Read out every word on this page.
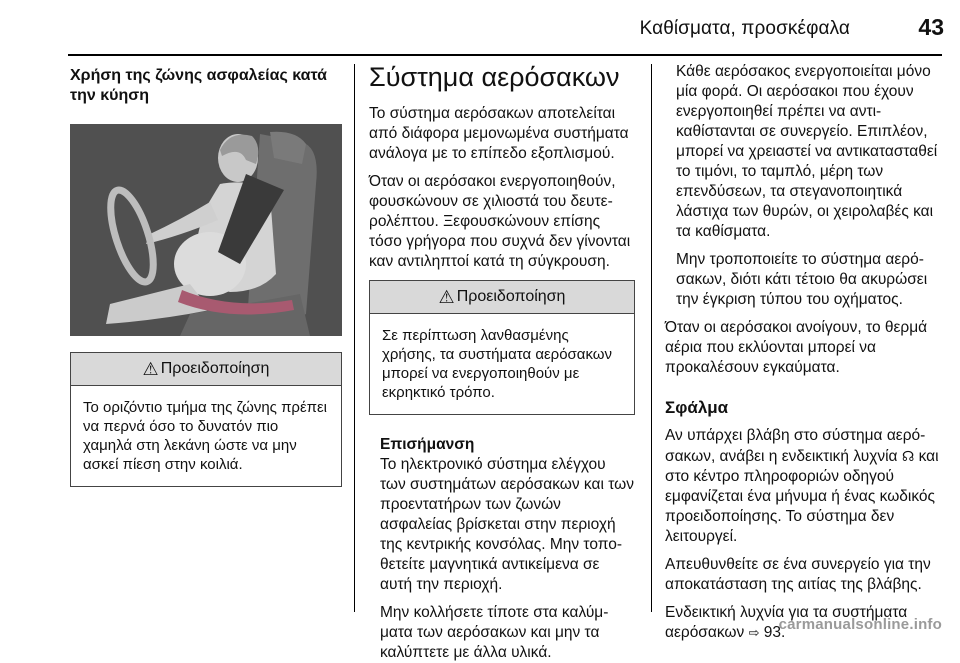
Καθίσματα, προσκέφαλα	43
Χρήση της ζώνης ασφαλείας κατά την κύηση
⚠ Προειδοποίηση
Το οριζόντιο τμήμα της ζώνης πρέπει να περνά όσο το δυνατόν πιο χαμηλά στη λεκάνη ώστε να μην ασκεί πίεση στην κοιλιά.
Σύστημα αερόσακων

Το σύστημα αερόσακων αποτελείται από διάφορα μεμονωμένα συστήματα ανάλογα με το επίπεδο εξοπλισμού.

Όταν οι αερόσακοι ενεργοποιηθούν, φουσκώνουν σε χιλιοστά του δευτερολέπτου. Ξεφουσκώνουν επίσης τόσο γρήγορα που συχνά δεν γίνονται καν αντιληπτοί κατά τη σύγκρουση.

⚠ Προειδοποίηση
Σε περίπτωση λανθασμένης χρήσης, τα συστήματα αερόσακων μπορεί να ενεργοποιηθούν με εκρηκτικό τρόπο.

Επισήμανση

Το ηλεκτρονικό σύστημα ελέγχου των συστημάτων αερόσακων και των προεντατήρων των ζωνών ασφαλείας βρίσκεται στην περιοχή της κεντρικής κονσόλας. Μην τοποθετείτε μαγνητικά αντικείμενα σε αυτή την περιοχή.

Μην κολλήσετε τίποτε στα καλύμματα των αερόσακων και μην τα καλύπτετε με άλλα υλικά.

Κάθε αερόσακος ενεργοποιείται μόνο μία φορά. Οι αερόσακοι που έχουν ενεργοποιηθεί πρέπει να αντικαθίστανται σε συνεργείο. Επιπλέον, μπορεί να χρειαστεί να αντικατασταθεί το τιμόνι, το ταμπλό, μέρη των επενδύσεων, τα στεγανοποιητικά λάστιχα των θυρών, οι χειρολαβές και τα καθίσματα.

Μην τροποποιείτε το σύστημα αερόσακων, διότι κάτι τέτοιο θα ακυρώσει την έγκριση τύπου του οχήματος.

Όταν οι αερόσακοι ανοίγουν, το θερμά αέρια που εκλύονται μπορεί να προκαλέσουν εγκαύματα.

Σφάλμα

Αν υπάρχει βλάβη στο σύστημα αερόσακων, ανάβει η ενδεικτική λυχνία ☊ και στο κέντρο πληροφοριών οδηγού εμφανίζεται ένα μήνυμα ή ένας κωδικός προειδοποίησης. Το σύστημα δεν λειτουργεί.

Απευθυνθείτε σε ένα συνεργείο για την αποκατάσταση της αιτίας της βλάβης.

Ενδεικτική λυχνία για τα συστήματα αερόσακων ⇨ 93.

carmanualsonline.info
